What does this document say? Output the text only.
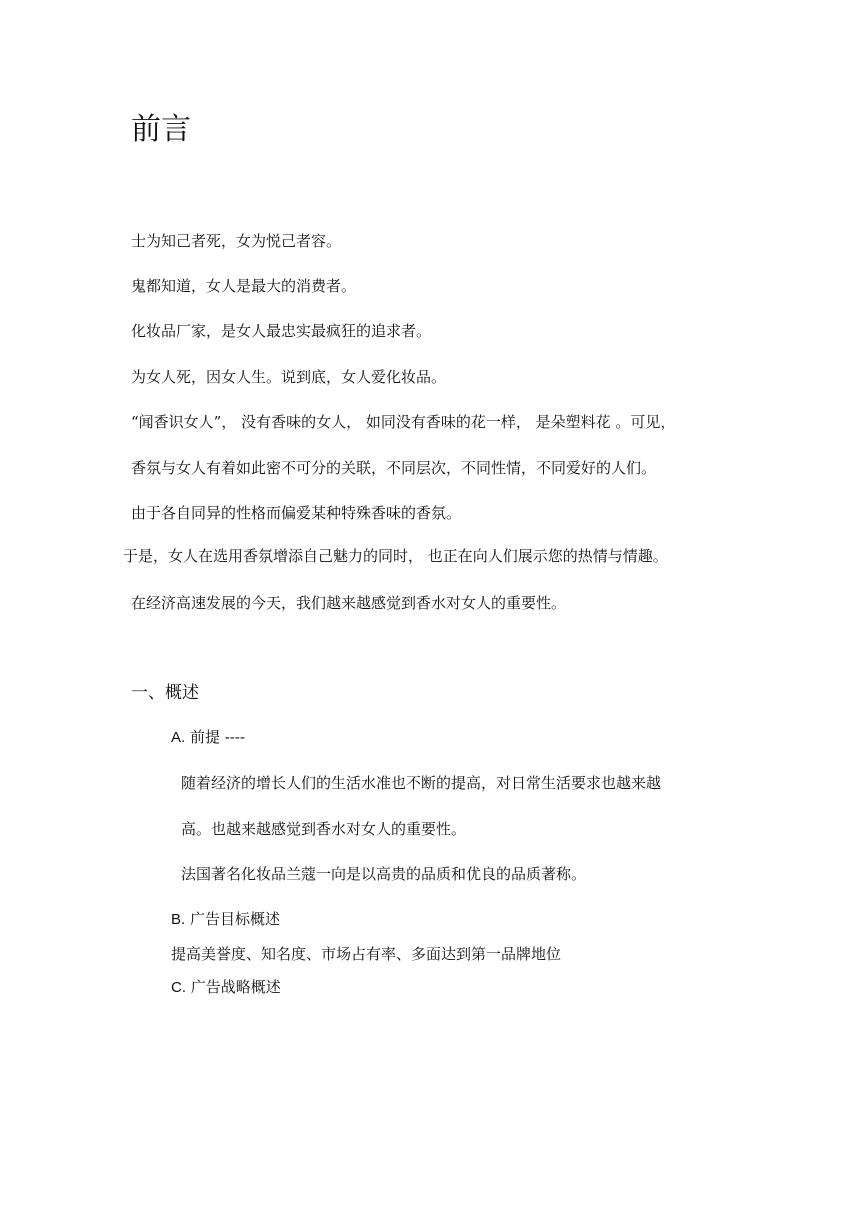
前言
士为知己者死，女为悦己者容。
鬼都知道，女人是最大的消费者。
化妆品厂家，是女人最忠实最疯狂的追求者。
为女人死，因女人生。说到底，女人爱化妆品。
“闻香识女人”， 没有香味的女人， 如同没有香味的花一样， 是朵塑料花 。可见，
香氛与女人有着如此密不可分的关联，不同层次，不同性情，不同爱好的人们。
由于各自同异的性格而偏爱某种特殊香味的香氛。
于是，女人在选用香氛增添自己魅力的同时， 也正在向人们展示您的热情与情趣。
在经济高速发展的今天，我们越来越感觉到香水对女人的重要性。
一、概述
A. 前提 ----
随着经济的增长人们的生活水准也不断的提高，对日常生活要求也越来越
高。也越来越感觉到香水对女人的重要性。
法国著名化妆品兰蔻一向是以高贵的品质和优良的品质著称。
B. 广告目标概述
提高美誉度、知名度、市场占有率、多面达到第一品牌地位
C. 广告战略概述
